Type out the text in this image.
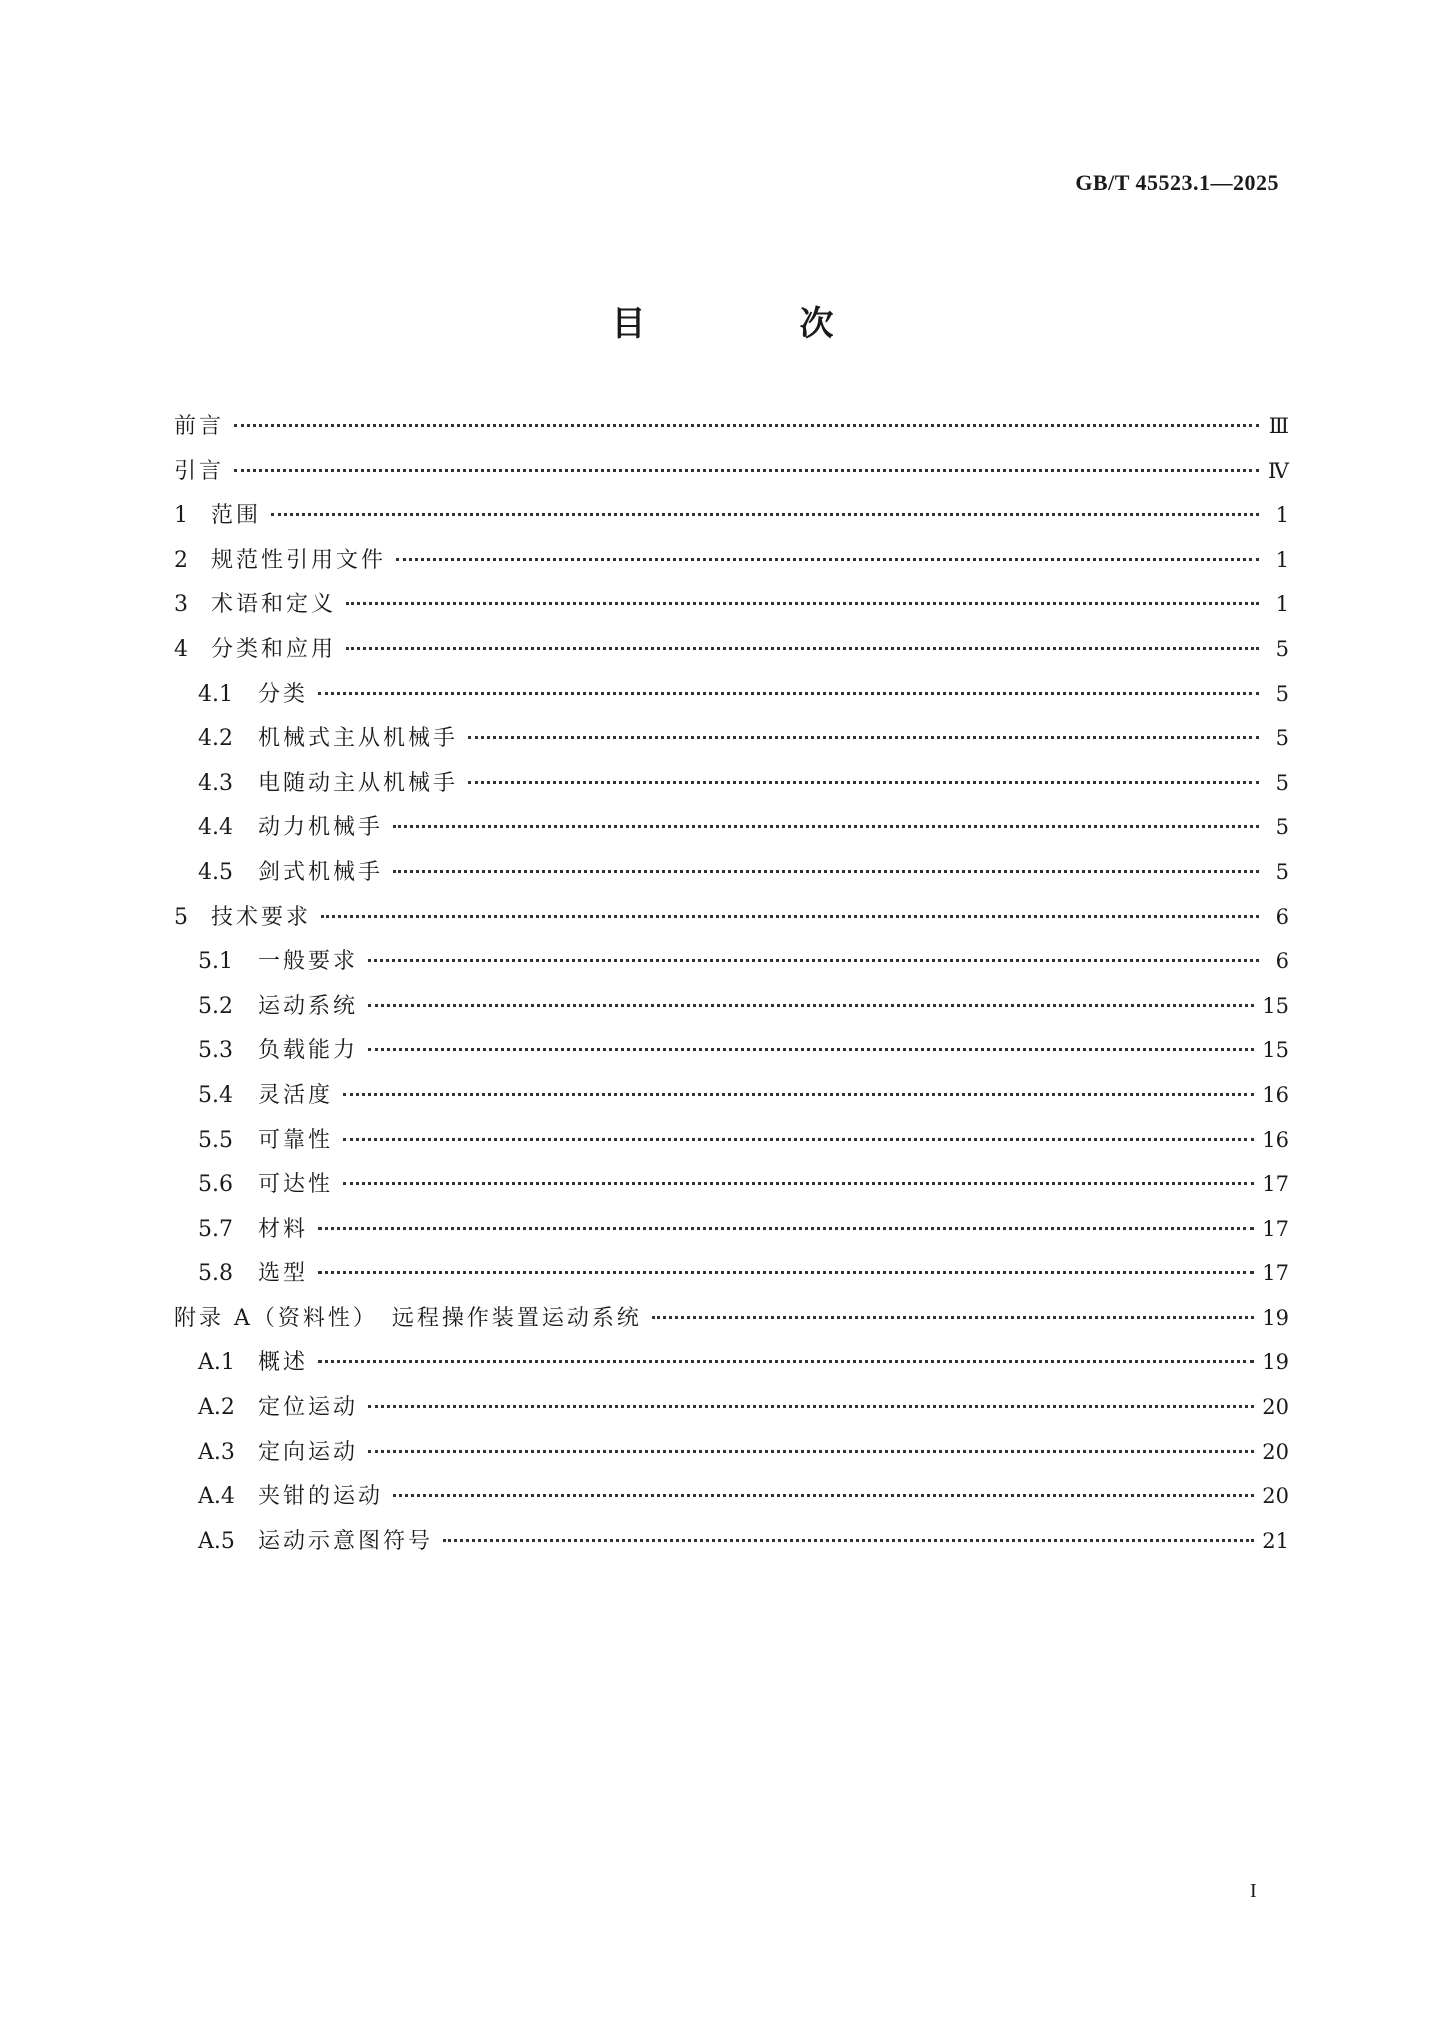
GB/T 45523.1—2025
目　次
前言	Ⅲ
引言	Ⅳ
1	范围	1
2	规范性引用文件	1
3	术语和定义	1
4	分类和应用	5
4.1	分类	5
4.2	机械式主从机械手	5
4.3	电随动主从机械手	5
4.4	动力机械手	5
4.5	剑式机械手	5
5	技术要求	6
5.1	一般要求	6
5.2	运动系统	15
5.3	负载能力	15
5.4	灵活度	16
5.5	可靠性	16
5.6	可达性	17
5.7	材料	17
5.8	选型	17
附录 A（资料性）　远程操作装置运动系统	19
A.1	概述	19
A.2	定位运动	20
A.3	定向运动	20
A.4	夹钳的运动	20
A.5	运动示意图符号	21
I
